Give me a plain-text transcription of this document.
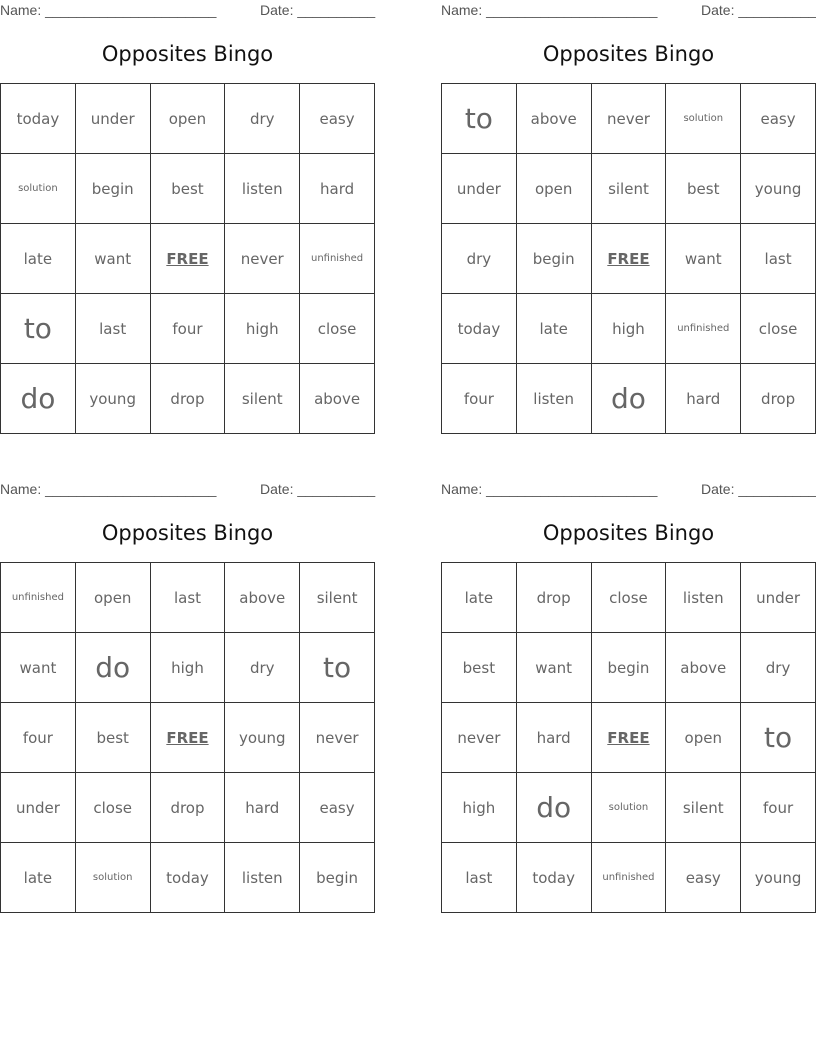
Name: ______________________	Date: __________
Opposites Bingo
today	under	open	dry	easy
solution	begin	best	listen	hard
late	want	FREE	never	unfinished
to	last	four	high	close
do	young	drop	silent	above
Name: ______________________	Date: __________
Opposites Bingo
to	above	never	solution	easy
under	open	silent	best	young
dry	begin	FREE	want	last
today	late	high	unfinished	close
four	listen	do	hard	drop
Name: ______________________	Date: __________
Opposites Bingo
unfinished	open	last	above	silent
want	do	high	dry	to
four	best	FREE	young	never
under	close	drop	hard	easy
late	solution	today	listen	begin
Name: ______________________	Date: __________
Opposites Bingo
late	drop	close	listen	under
best	want	begin	above	dry
never	hard	FREE	open	to
high	do	solution	silent	four
last	today	unfinished	easy	young
